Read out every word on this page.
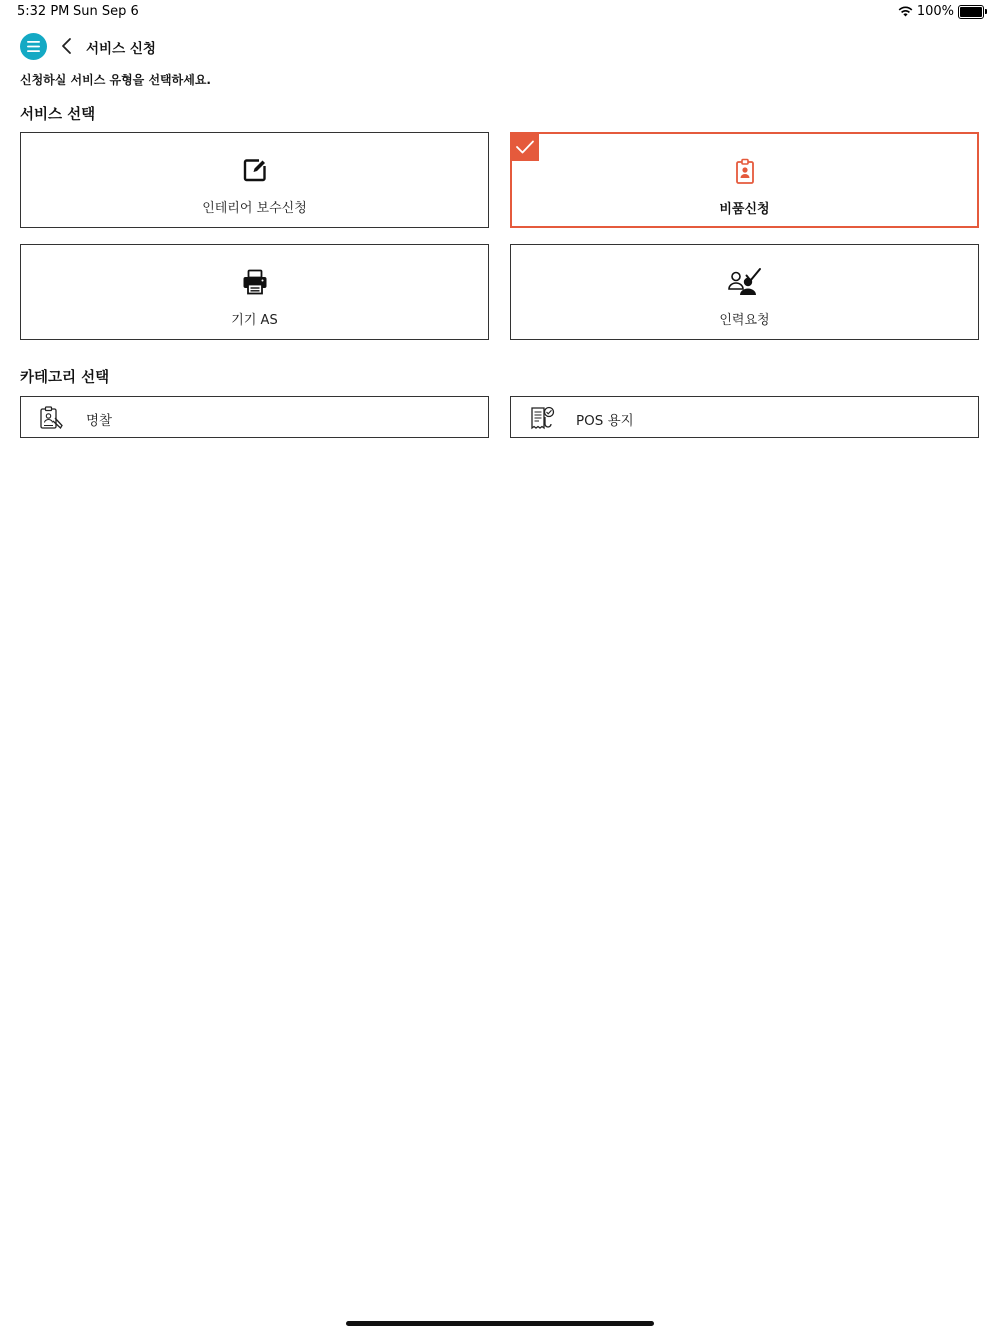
5:32 PM Sun Sep 6	100%
서비스 신청
신청하실 서비스 유형을 선택하세요.
서비스 선택
인테리어 보수신청	비품신청
기기 AS	인력요청
카테고리 선택
명찰	POS 용지
